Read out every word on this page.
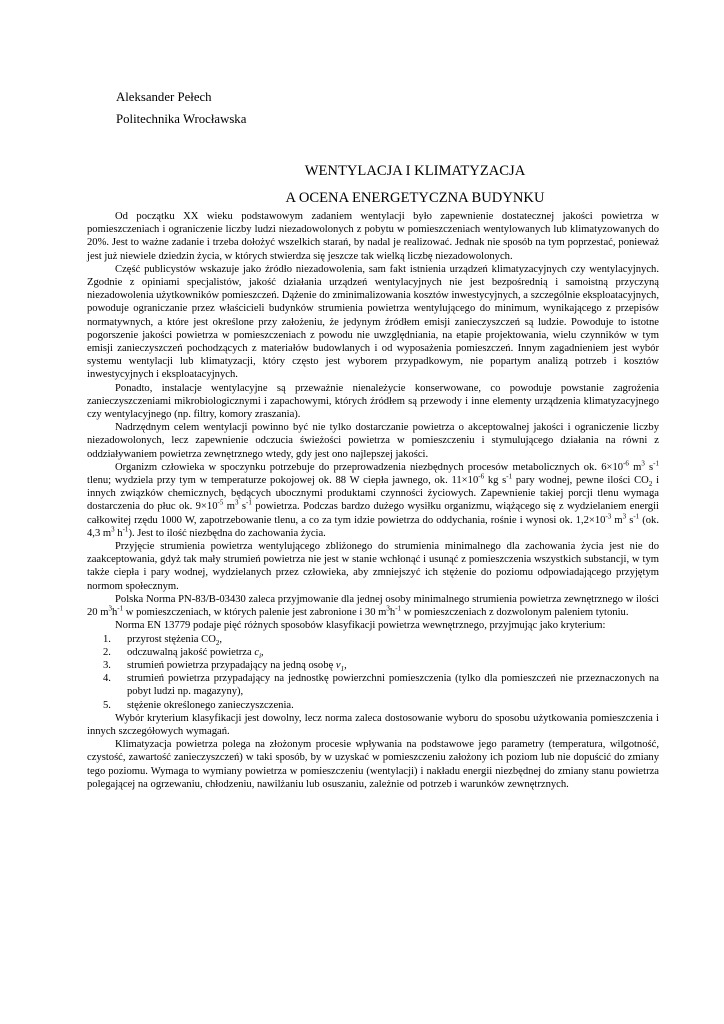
Aleksander Pełech
Politechnika Wrocławska
WENTYLACJA I KLIMATYZACJA
A OCENA ENERGETYCZNA BUDYNKU

Od początku XX wieku podstawowym zadaniem wentylacji było zapewnienie dostatecznej jakości powietrza w pomieszczeniach i ograniczenie liczby ludzi niezadowolonych z pobytu w pomieszczeniach wentylowanych lub klimatyzowanych do 20%. Jest to ważne zadanie i trzeba dołożyć wszelkich starań, by nadal je realizować. Jednak nie sposób na tym poprzestać, ponieważ jest już niewiele dziedzin życia, w których stwierdza się jeszcze tak wielką liczbę niezadowolonych.

Część publicystów wskazuje jako źródło niezadowolenia, sam fakt istnienia urządzeń klimatyzacyjnych czy wentylacyjnych. Zgodnie z opiniami specjalistów, jakość działania urządzeń wentylacyjnych nie jest bezpośrednią i samoistną przyczyną niezadowolenia użytkowników pomieszczeń. Dążenie do zminimalizowania kosztów inwestycyjnych, a szczególnie eksploatacyjnych, powoduje ograniczanie przez właścicieli budynków strumienia powietrza wentylującego do minimum, wynikającego z przepisów normatywnych, a które jest określone przy założeniu, że jedynym źródłem emisji zanieczyszczeń są ludzie. Powoduje to istotne pogorszenie jakości powietrza w pomieszczeniach z powodu nie uwzględniania, na etapie projektowania, wielu czynników w tym emisji zanieczyszczeń pochodzących z materiałów budowlanych i od wyposażenia pomieszczeń. Innym zagadnieniem jest wybór systemu wentylacji lub klimatyzacji, który często jest wyborem przypadkowym, nie popartym analizą potrzeb i kosztów inwestycyjnych i eksploatacyjnych.

Ponadto, instalacje wentylacyjne są przeważnie nienależycie konserwowane, co powoduje powstanie zagrożenia zanieczyszczeniami mikrobiologicznymi i zapachowymi, których źródłem są przewody i inne elementy urządzenia klimatyzacyjnego czy wentylacyjnego (np. filtry, komory zraszania).

Nadrzędnym celem wentylacji powinno być nie tylko dostarczanie powietrza o akceptowalnej jakości i ograniczenie liczby niezadowolonych, lecz zapewnienie odczucia świeżości powietrza w pomieszczeniu i stymulującego działania na równi z oddziaływaniem powietrza zewnętrznego wtedy, gdy jest ono najlepszej jakości.

Organizm człowieka w spoczynku potrzebuje do przeprowadzenia niezbędnych procesów metabolicznych ok. $6\times 10^{-6}$ $m^3$ $s^{-1}$ tlenu; wydziela przy tym w temperaturze pokojowej ok. 88 W ciepła jawnego, ok. $11\times 10^{-6}$ kg $s^{-1}$ pary wodnej, pewne ilości $CO_2$ i innych związków chemicznych, będących ubocznymi produktami czynności życiowych. Zapewnienie takiej porcji tlenu wymaga dostarczenia do płuc ok. $9\times 10^{-5}$ $m^3$ $s^{-1}$ powietrza. Podczas bardzo dużego wysiłku organizmu, wiążącego się z wydzielaniem energii całkowitej rzędu 1000 W, zapotrzebowanie tlenu, a co za tym idzie powietrza do oddychania, rośnie i wynosi ok. $1,2\times 10^{-3}$ $m^3$ $s^{-1}$ (ok. 4,3 $m^3$ $h^{-1}$). Jest to ilość niezbędna do zachowania życia.

Przyjęcie strumienia powietrza wentylującego zbliżonego do strumienia minimalnego dla zachowania życia jest nie do zaakceptowania, gdyż tak mały strumień powietrza nie jest w stanie wchłonąć i usunąć z pomieszczenia wszystkich substancji, w tym także ciepła i pary wodnej, wydzielanych przez człowieka, aby zmniejszyć ich stężenie do poziomu odpowiadającego przyjętym normom społecznym.

Polska Norma PN-83/B-03430 zaleca przyjmowanie dla jednej osoby minimalnego strumienia powietrza zewnętrznego w ilości 20 $m^3h^{-1}$ w pomieszczeniach, w których palenie jest zabronione i 30 $m^3h^{-1}$ w pomieszczeniach z dozwolonym paleniem tytoniu.

Norma EN 13779 podaje pięć różnych sposobów klasyfikacji powietrza wewnętrznego, przyjmując jako kryterium:

1.	przyrost stężenia $CO_2$,
2.	odczuwalną jakość powietrza $c_i$,
3.	strumień powietrza przypadający na jedną osobę $v_1$,
4.	strumień powietrza przypadający na jednostkę powierzchni pomieszczenia (tylko dla pomieszczeń nie przeznaczonych na pobyt ludzi np. magazyny),
5.	stężenie określonego zanieczyszczenia.

Wybór kryterium klasyfikacji jest dowolny, lecz norma zaleca dostosowanie wyboru do sposobu użytkowania pomieszczenia i innych szczegółowych wymagań.

Klimatyzacja powietrza polega na złożonym procesie wpływania na podstawowe jego parametry (temperatura, wilgotność, czystość, zawartość zanieczyszczeń) w taki sposób, by w uzyskać w pomieszczeniu założony ich poziom lub nie dopuścić do zmiany tego poziomu. Wymaga to wymiany powietrza w pomieszczeniu (wentylacji) i nakładu energii niezbędnej do zmiany stanu powietrza polegającej na ogrzewaniu, chłodzeniu, nawilżaniu lub osuszaniu, zależnie od potrzeb i warunków zewnętrznych.
